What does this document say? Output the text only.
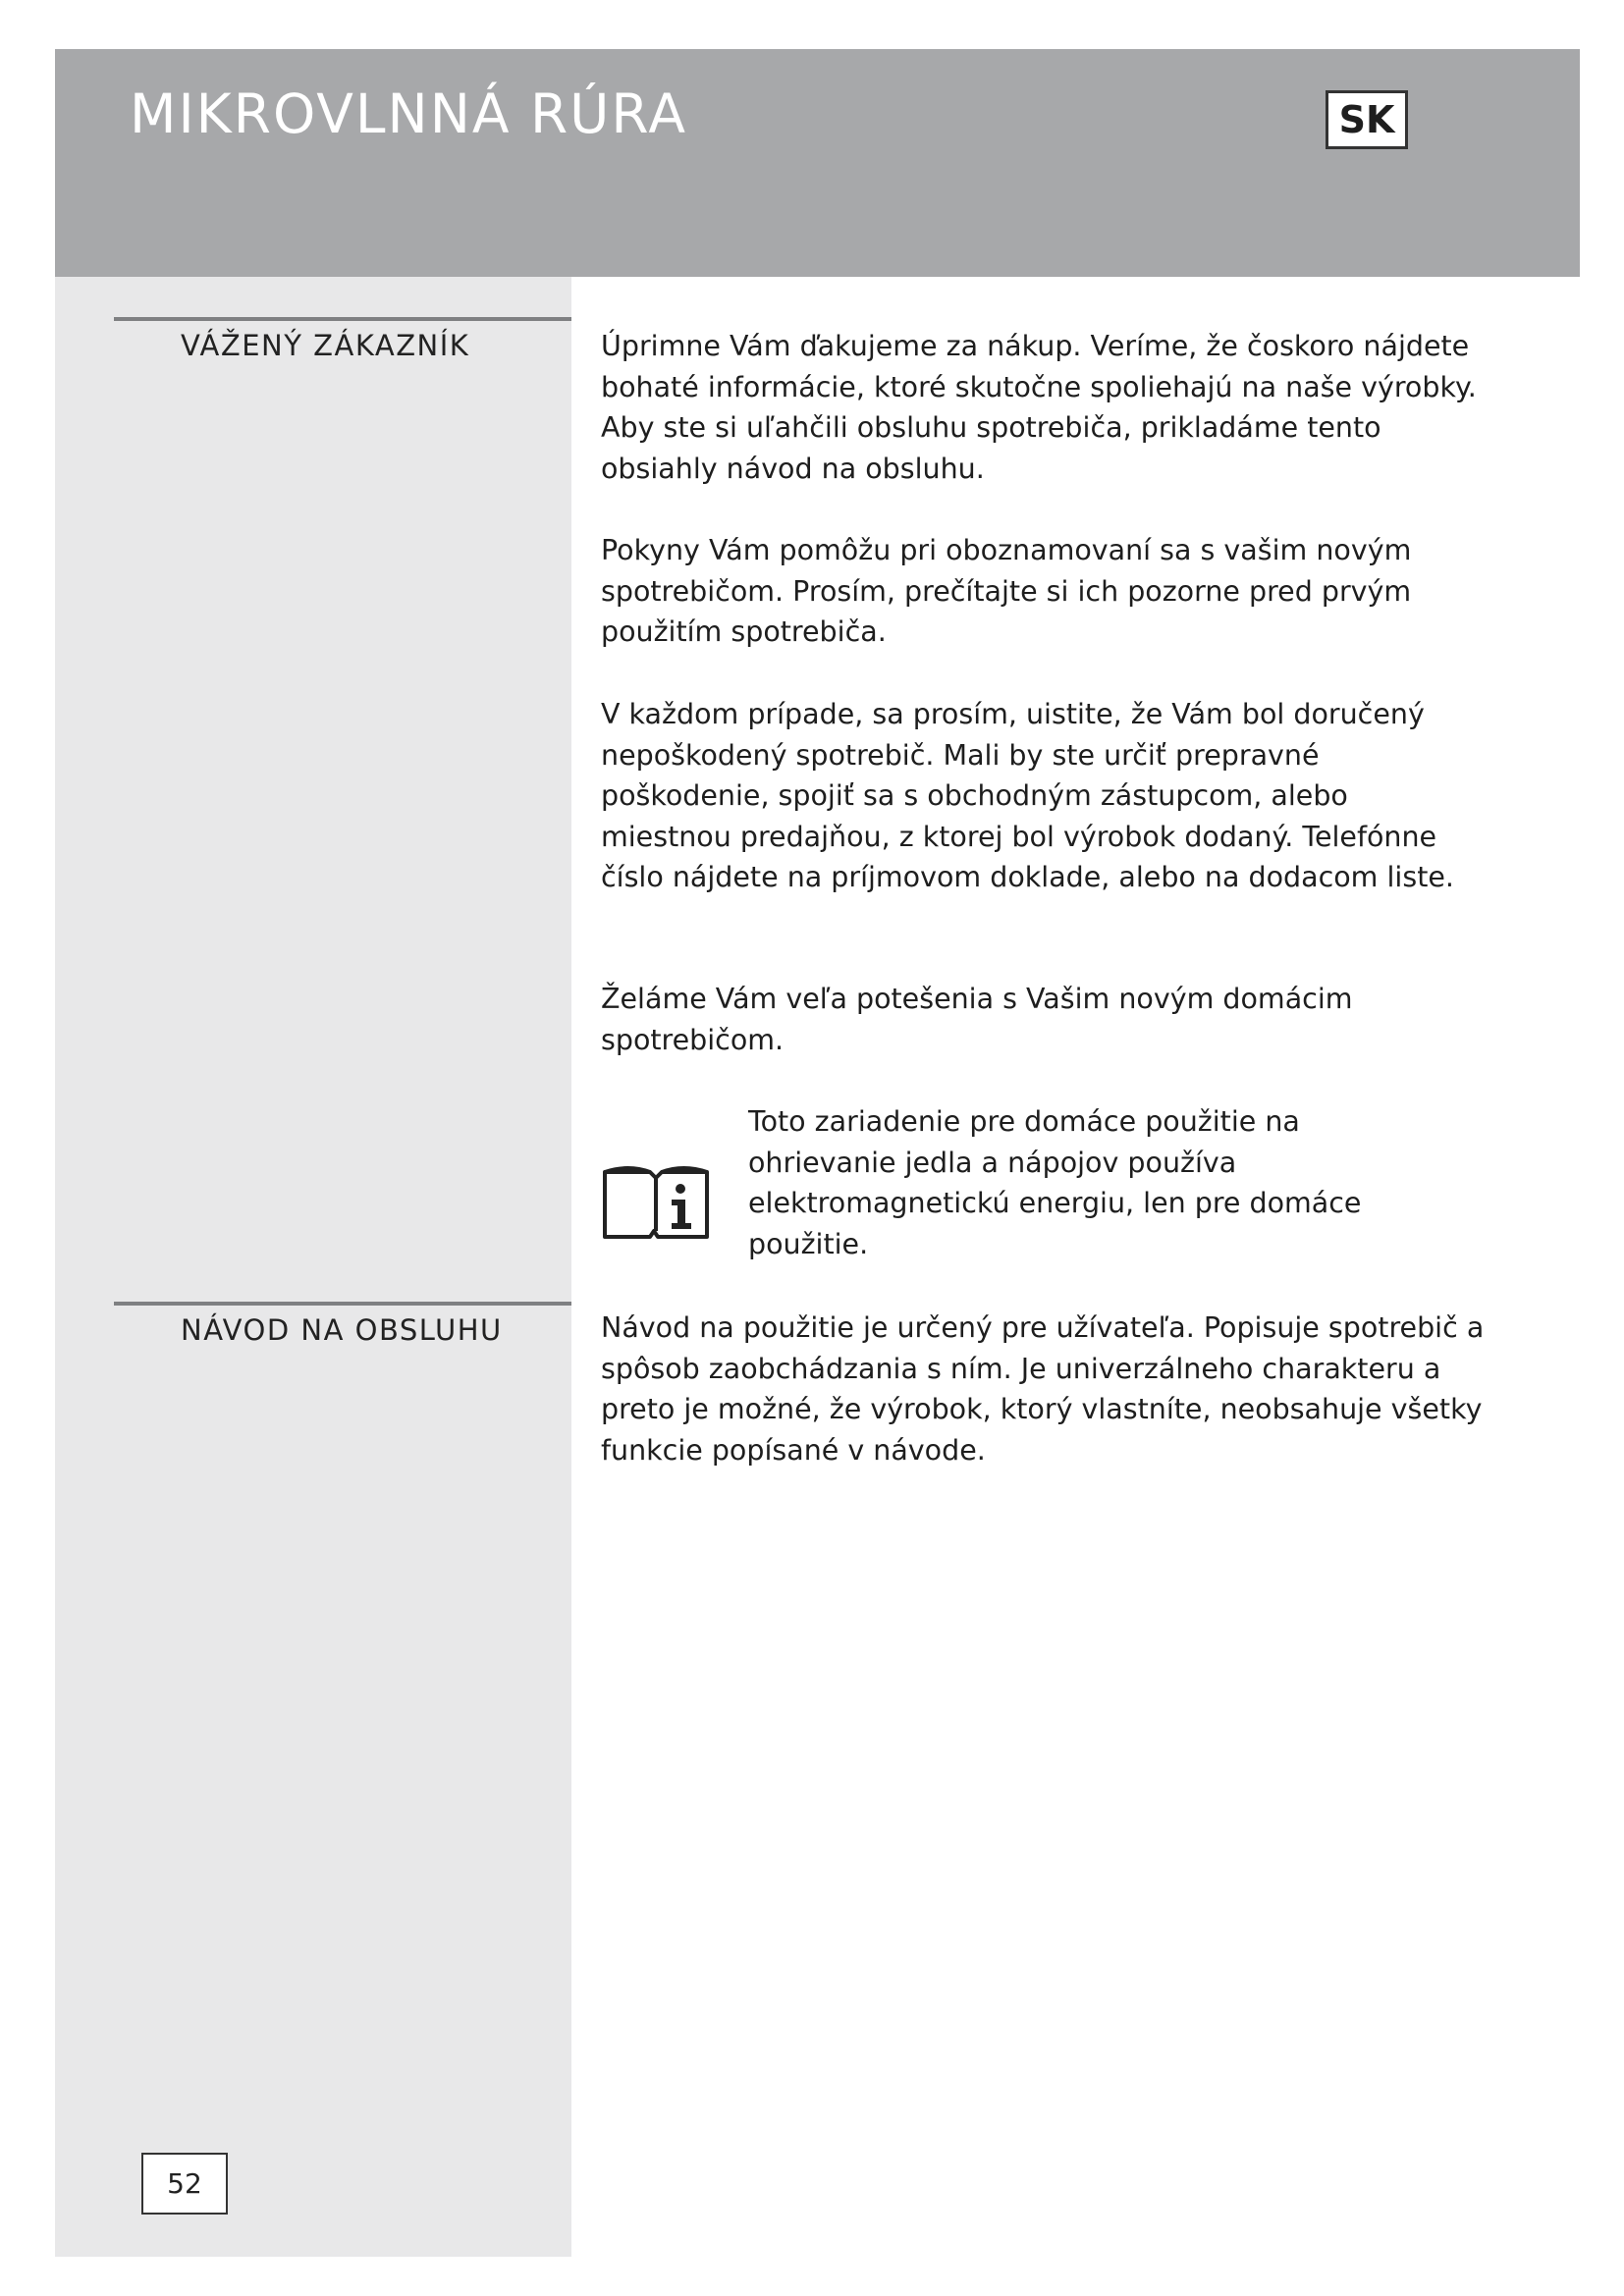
MIKROVLNNÁ RÚRA	SK
VÁŽENÝ ZÁKAZNÍK
NÁVOD NA OBSLUHU

Úprimne Vám ďakujeme za nákup. Veríme, že čoskoro nájdete bohaté informácie, ktoré skutočne spoliehajú na naše výrobky. Aby ste si uľahčili obsluhu spotrebiča, prikladáme tento obsiahly návod na obsluhu.

Pokyny Vám pomôžu pri oboznamovaní sa s vašim novým spotrebičom. Prosím, prečítajte si ich pozorne pred prvým použitím spotrebiča.

V každom prípade, sa prosím, uistite, že Vám bol doručený nepoškodený spotrebič. Mali by ste určiť prepravné poškodenie, spojiť sa s obchodným zástupcom, alebo miestnou predajňou, z ktorej bol výrobok dodaný. Telefónne číslo nájdete na príjmovom doklade, alebo na dodacom liste.

Želáme Vám veľa potešenia s Vašim novým domácim spotrebičom.

Toto zariadenie pre domáce použitie na ohrievanie jedla a nápojov používa elektromagnetickú energiu, len pre domáce použitie.

Návod na použitie je určený pre užívateľa. Popisuje spotrebič a spôsob zaobchádzania s ním. Je univerzálneho charakteru a preto je možné, že výrobok, ktorý vlastníte, neobsahuje všetky funkcie popísané v návode.

52
